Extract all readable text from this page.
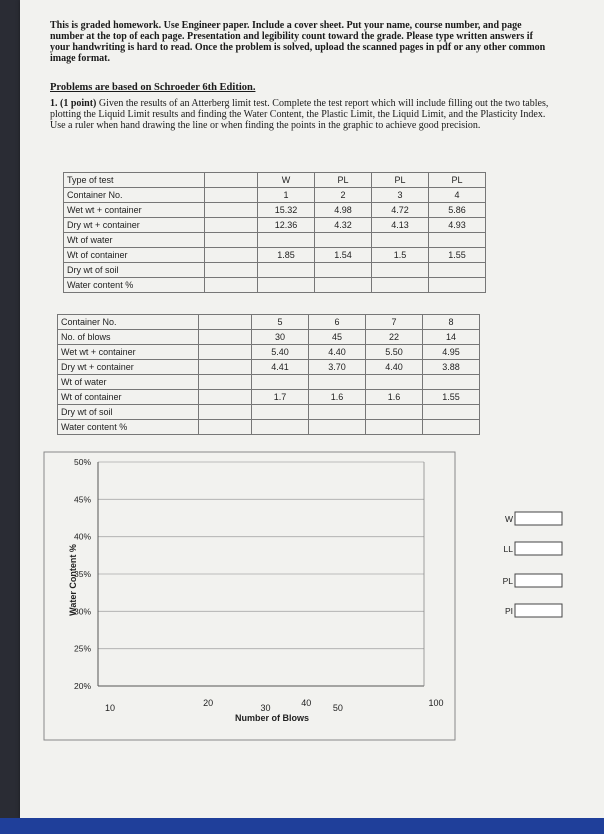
This is graded homework. Use Engineer paper. Include a cover sheet. Put your name, course number, and page number at the top of each page. Presentation and legibility count toward the grade. Please type written answers if your handwriting is hard to read. Once the problem is solved, upload the scanned pages in pdf or any other common image format.
Problems are based on Schroeder 6th Edition.
1. (1 point) Given the results of an Atterberg limit test. Complete the test report which will include filling out the two tables, plotting the Liquid Limit results and finding the Water Content, the Plastic Limit, the Liquid Limit, and the Plasticity Index. Use a ruler when hand drawing the line or when finding the points in the graphic to achieve good precision.
Type of test		W	PL	PL	PL
Container No.		1	2	3	4
Wet wt + container		15.32	4.98	4.72	5.86
Dry wt + container		12.36	4.32	4.13	4.93
Wt of water					
Wt of container		1.85	1.54	1.5	1.55
Dry wt of soil					
Water content %					
Container No.		5	6	7	8
No. of blows		30	45	22	14
Wet wt + container		5.40	4.40	5.50	4.95
Dry wt + container		4.41	3.70	4.40	3.88
Wt of water					
Wt of container		1.7	1.6	1.6	1.55
Dry wt of soil					
Water content %					
20%
25%
30%
35%
40%
45%
50%
10	20	30	40 50	100
Water Content %
Number of Blows
W
LL
PL
PI
